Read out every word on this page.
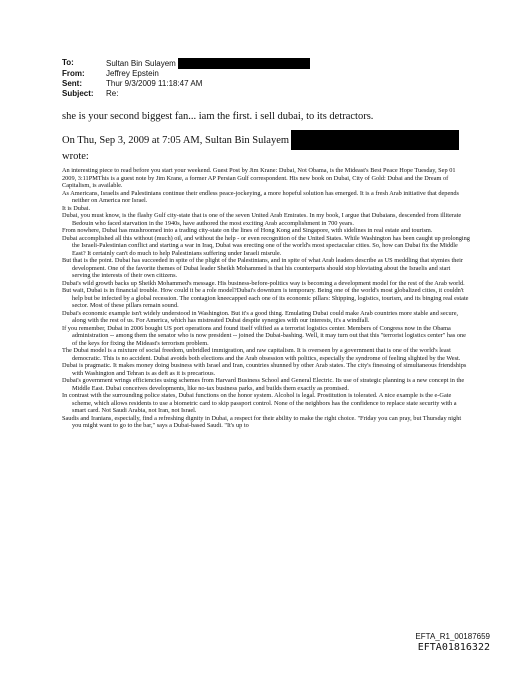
To:	Sultan Bin Sulayem
From:	Jeffrey Epstein
Sent:	Thur 9/3/2009 11:18:47 AM
Subject:	Re:
she is your second biggest fan... iam the first. i sell dubai, to its detractors.
On Thu, Sep 3, 2009 at 7:05 AM, Sultan Bin Sulayem
wrote:

An interesting piece to read before you start your weekend. Guest Post by Jim Krane: Dubai, Not Obama, is the Mideast's Best Peace Hope Tuesday, Sep 01 2009, 3:11PMThis is a guest note by Jim Krane, a former AP Persian Gulf correspondent. His new book on Dubai, City of Gold: Dubai and the Dream of Capitalism, is available.

As Americans, Israelis and Palestinians continue their endless peace-jockeying, a more hopeful solution has emerged. It is a fresh Arab initiative that depends neither on America nor Israel.

It is Dubai.

Dubai, you must know, is the flashy Gulf city-state that is one of the seven United Arab Emirates. In my book, I argue that Dubaians, descended from illiterate Bedouin who faced starvation in the 1940s, have authored the most exciting Arab accomplishment in 700 years.

From nowhere, Dubai has mushroomed into a trading city-state on the lines of Hong Kong and Singapore, with sidelines in real estate and tourism.

Dubai accomplished all this without (much) oil, and without the help - or even recognition of the United States. While Washington has been caught up prolonging the Israeli-Palestinian conflict and starting a war in Iraq, Dubai was erecting one of the world's most spectacular cities. So, how can Dubai fix the Middle East? It certainly can't do much to help Palestinians suffering under Israeli misrule.

But that is the point. Dubai has succeeded in spite of the plight of the Palestinians, and in spite of what Arab leaders describe as US meddling that stymies their development. One of the favorite themes of Dubai leader Sheikh Mohammed is that his counterparts should stop bloviating about the Israelis and start serving the interests of their own citizens.

Dubai's wild growth backs up Sheikh Mohammed's message. His business-before-politics way is becoming a development model for the rest of the Arab world.

But wait, Dubai is in financial trouble. How could it be a role model?Dubai's downturn is temporary. Being one of the world's most globalized cities, it couldn't help but be infected by a global recession. The contagion kneecapped each one of its economic pillars: Shipping, logistics, tourism, and its binging real estate sector. Most of these pillars remain sound.

Dubai's economic example isn't widely understood in Washington. But it's a good thing. Emulating Dubai could make Arab countries more stable and secure, along with the rest of us. For America, which has mistreated Dubai despite synergies with our interests, it's a windfall.

If you remember, Dubai in 2006 bought US port operations and found itself vilified as a terrorist logistics center. Members of Congress now in the Obama administration -- among them the senator who is now president -- joined the Dubai-bashing. Well, it may turn out that this "terrorist logistics center" has one of the keys for fixing the Mideast's terrorism problem.

The Dubai model is a mixture of social freedom, unbridled immigration, and raw capitalism. It is overseen by a government that is one of the world's least democratic. This is no accident. Dubai avoids both elections and the Arab obsession with politics, especially the syndrome of feeling slighted by the West.

Dubai is pragmatic. It makes money doing business with Israel and Iran, countries shunned by other Arab states. The city's finessing of simultaneous friendships with Washington and Tehran is as deft as it is precarious.

Dubai's government wrings efficiencies using schemes from Harvard Business School and General Electric. Its use of strategic planning is a new concept in the Middle East. Dubai conceives developments, like no-tax business parks, and builds them exactly as promised.

In contrast with the surrounding police states, Dubai functions on the honor system. Alcohol is legal. Prostitution is tolerated. A nice example is the e-Gate scheme, which allows residents to use a biometric card to skip passport control. None of the neighbors has the confidence to replace state security with a smart card. Not Saudi Arabia, not Iran, not Israel.

Saudis and Iranians, especially, find a refreshing dignity in Dubai, a respect for their ability to make the right choice. "Friday you can pray, but Thursday night you might want to go to the bar," says a Dubai-based Saudi. "It's up to

EFTA_R1_00187659
EFTA01816322
